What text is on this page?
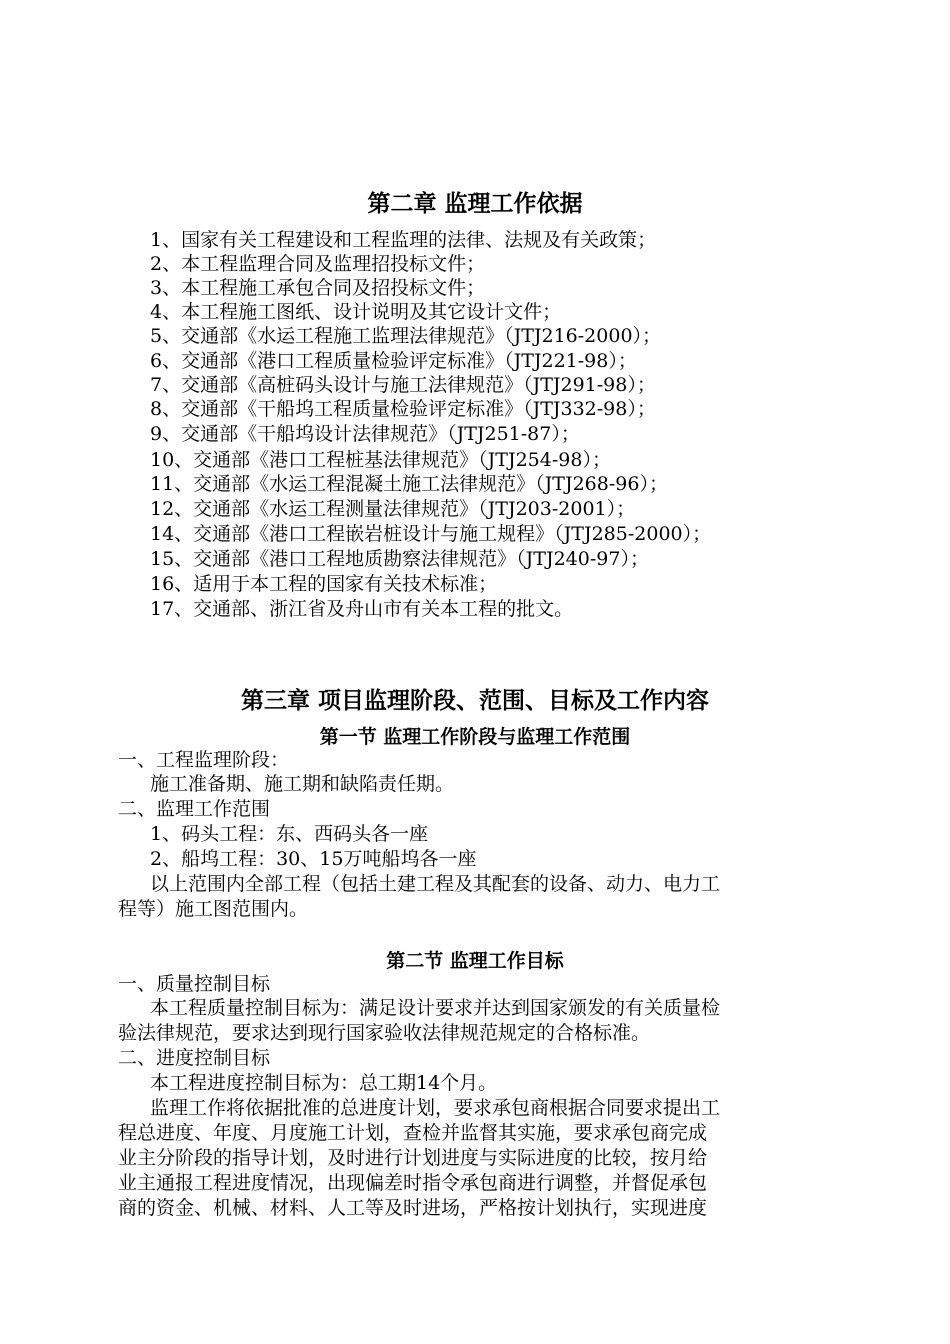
第二章 监理工作依据
1、国家有关工程建设和工程监理的法律、法规及有关政策；
2、本工程监理合同及监理招投标文件；
3、本工程施工承包合同及招投标文件；
4、本工程施工图纸、设计说明及其它设计文件；
5、交通部《水运工程施工监理法律规范》（JTJ216-2000）；
6、交通部《港口工程质量检验评定标准》（JTJ221-98）；
7、交通部《高桩码头设计与施工法律规范》（JTJ291-98）；
8、交通部《干船坞工程质量检验评定标准》（JTJ332-98）；
9、交通部《干船坞设计法律规范》（JTJ251-87）；
10、交通部《港口工程桩基法律规范》（JTJ254-98）；
11、交通部《水运工程混凝土施工法律规范》（JTJ268-96）；
12、交通部《水运工程测量法律规范》（JTJ203-2001）；
14、交通部《港口工程嵌岩桩设计与施工规程》（JTJ285-2000）；
15、交通部《港口工程地质勘察法律规范》（JTJ240-97）；
16、适用于本工程的国家有关技术标准；
17、交通部、浙江省及舟山市有关本工程的批文。
第三章 项目监理阶段、范围、目标及工作内容
第一节 监理工作阶段与监理工作范围
一、工程监理阶段：
施工准备期、施工期和缺陷责任期。
二、监理工作范围
1、码头工程：东、西码头各一座
2、船坞工程：30、15万吨船坞各一座
以上范围内全部工程（包括土建工程及其配套的设备、动力、电力工
程等）施工图范围内。
第二节 监理工作目标
一、质量控制目标
本工程质量控制目标为：满足设计要求并达到国家颁发的有关质量检
验法律规范，要求达到现行国家验收法律规范规定的合格标准。
二、进度控制目标
本工程进度控制目标为：总工期14个月。
监理工作将依据批准的总进度计划，要求承包商根据合同要求提出工
程总进度、年度、月度施工计划，查检并监督其实施，要求承包商完成
业主分阶段的指导计划，及时进行计划进度与实际进度的比较，按月给
业主通报工程进度情况，出现偏差时指令承包商进行调整，并督促承包
商的资金、机械、材料、人工等及时进场，严格按计划执行，实现进度
